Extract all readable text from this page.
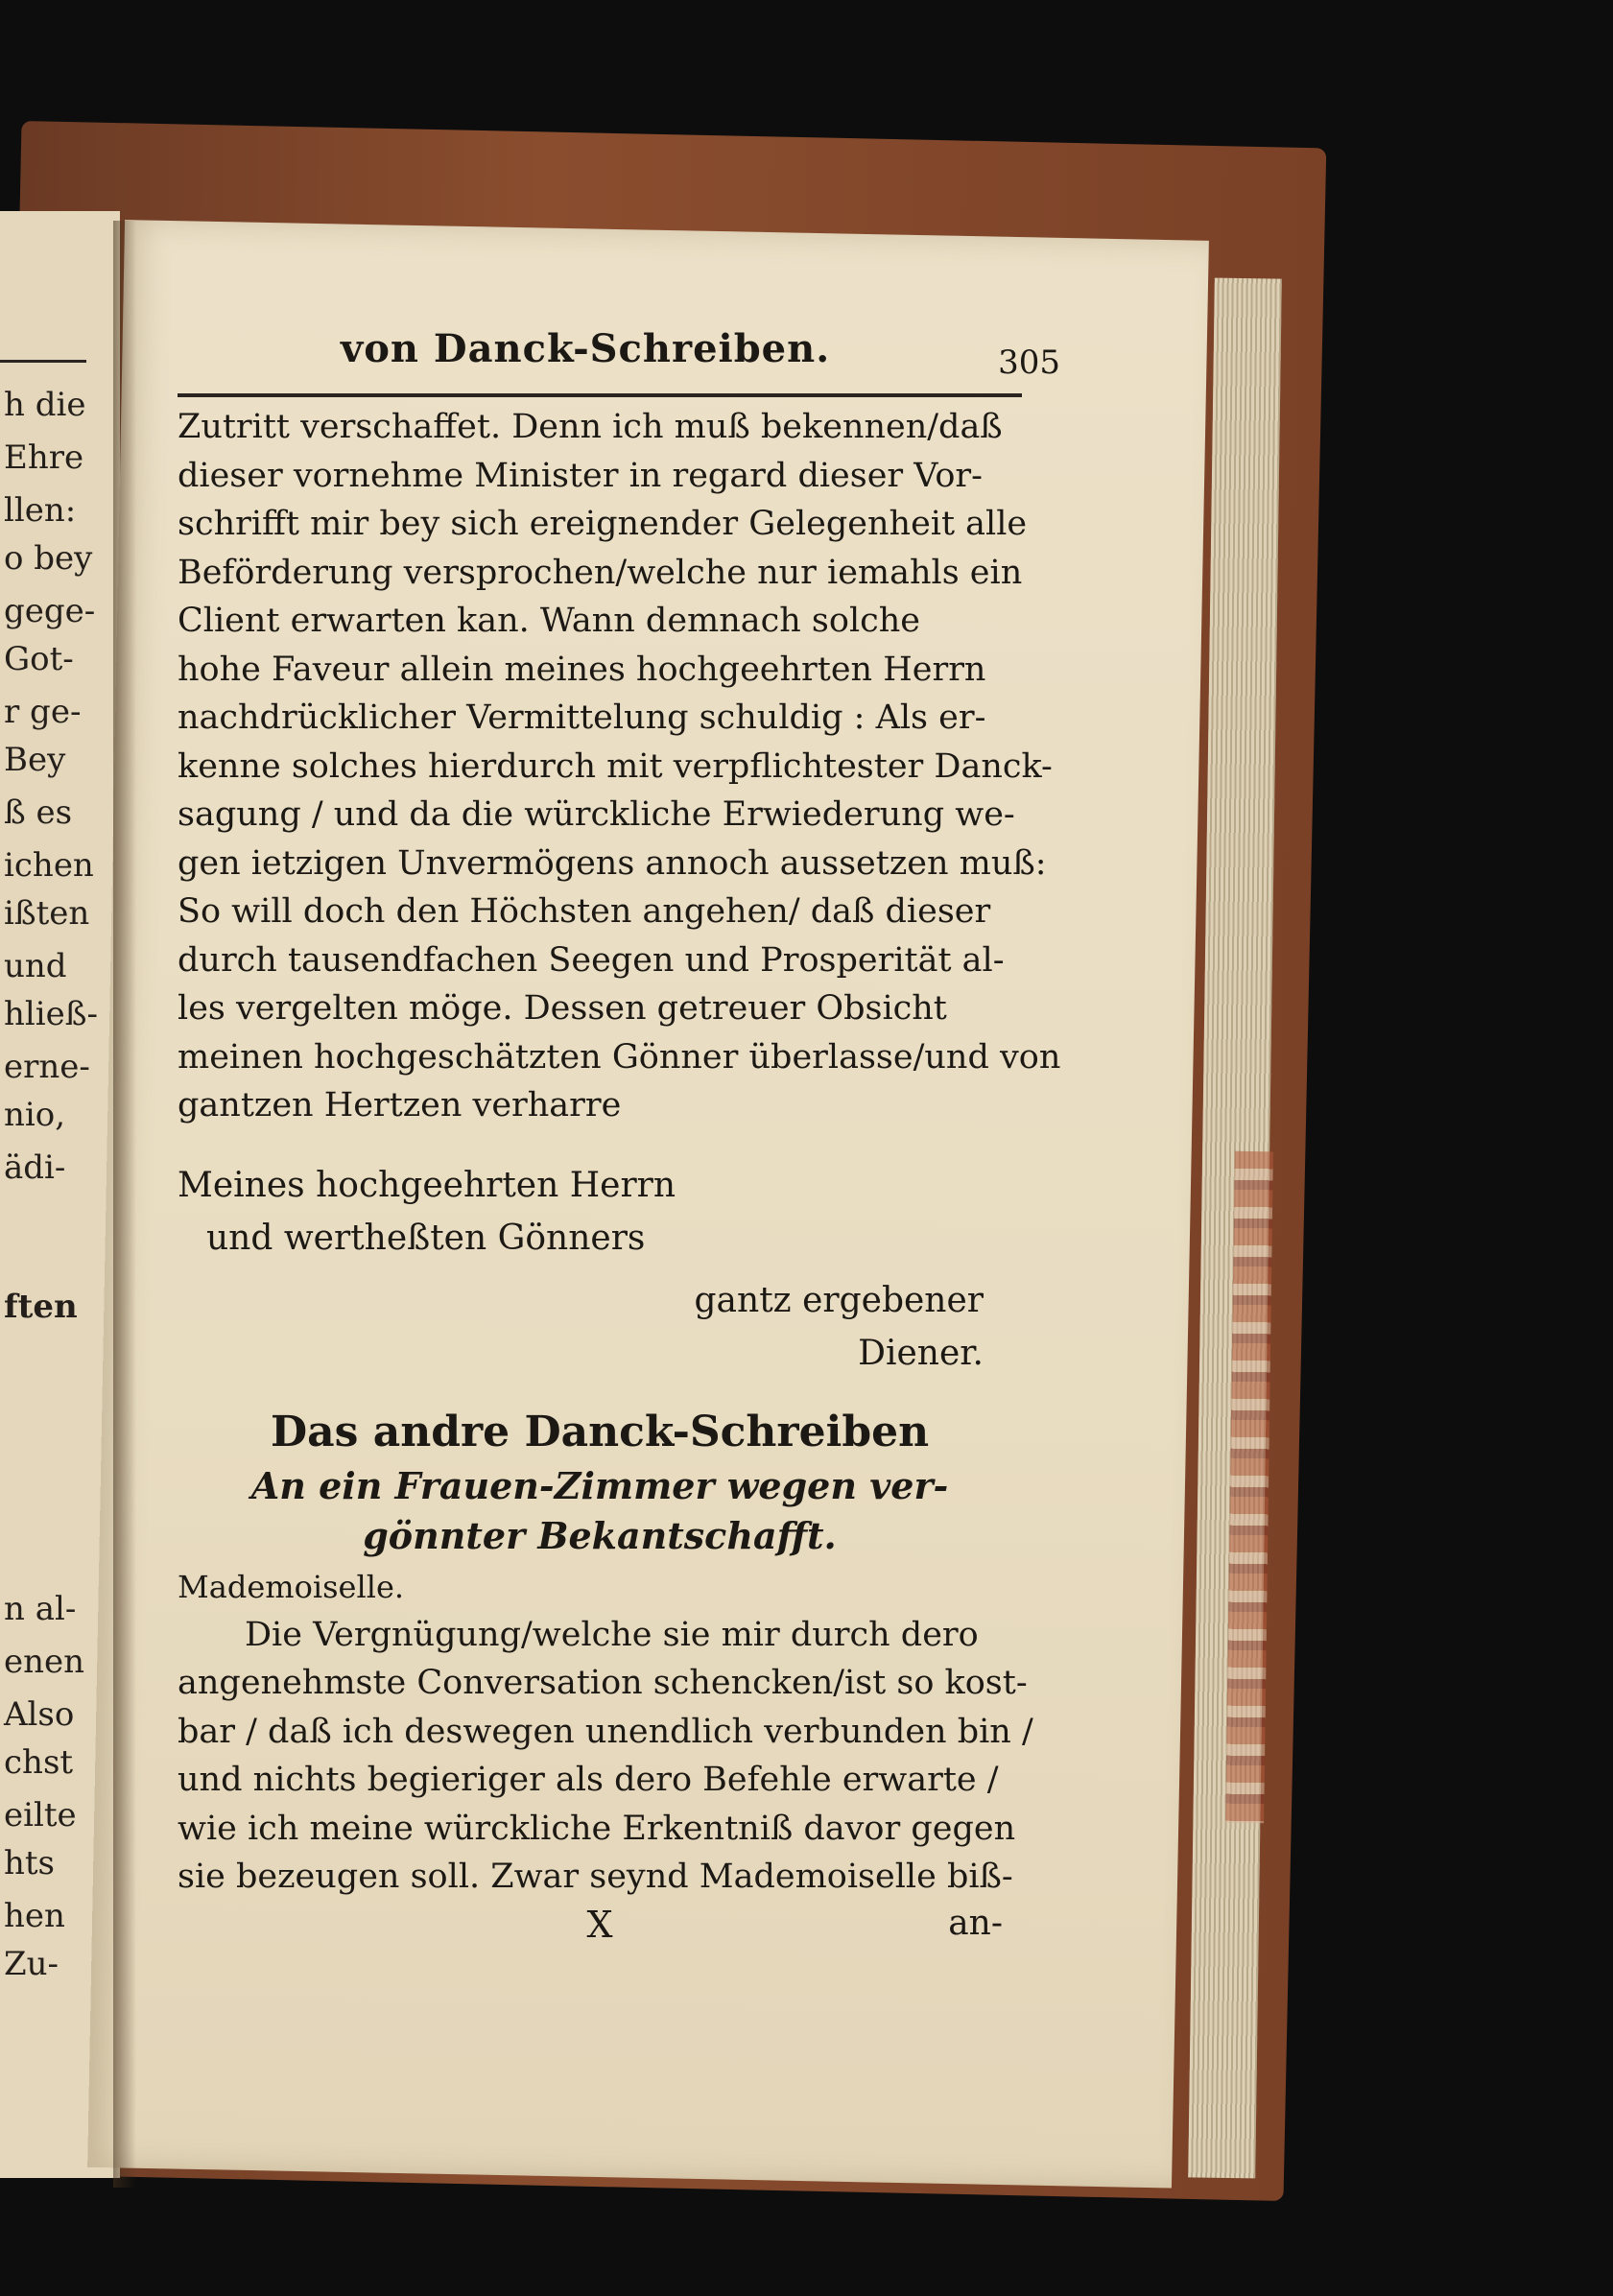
h die
Ehre
llen:
o bey
gege-
Got-
r ge-
Bey
ß es
ichen
ißten
und
hließ-
erne-
nio,
ädi-
ften
n al-
enen
Also
chst
eilte
hts
hen
Zu-
von Danck-Schreiben.	305
Zutritt verschaffet. Denn ich muß bekennen/daß
dieser vornehme Minister in regard dieser Vor-
schrifft mir bey sich ereignender Gelegenheit alle
Beförderung versprochen/welche nur iemahls ein
Client erwarten kan. Wann demnach solche
hohe Faveur allein meines hochgeehrten Herrn
nachdrücklicher Vermittelung schuldig : Als er-
kenne solches hierdurch mit verpflichtester Danck-
sagung / und da die würckliche Erwiederung we-
gen ietzigen Unvermögens annoch aussetzen muß:
So will doch den Höchsten angehen/ daß dieser
durch tausendfachen Seegen und Prosperität al-
les vergelten möge. Dessen getreuer Obsicht
meinen hochgeschätzten Gönner überlasse/und von
gantzen Hertzen verharre
Meines hochgeehrten Herrn
und wertheßten Gönners
gantz ergebener
Diener.
Das andre Danck-Schreiben
An ein Frauen-Zimmer wegen ver-
gönnter Bekantschafft.
Mademoiselle.
Die Vergnügung/welche sie mir durch dero
angenehmste Conversation schencken/ist so kost-
bar / daß ich deswegen unendlich verbunden bin /
und nichts begieriger als dero Befehle erwarte /
wie ich meine würckliche Erkentniß davor gegen
sie bezeugen soll. Zwar seynd Mademoiselle biß-
X	an-
